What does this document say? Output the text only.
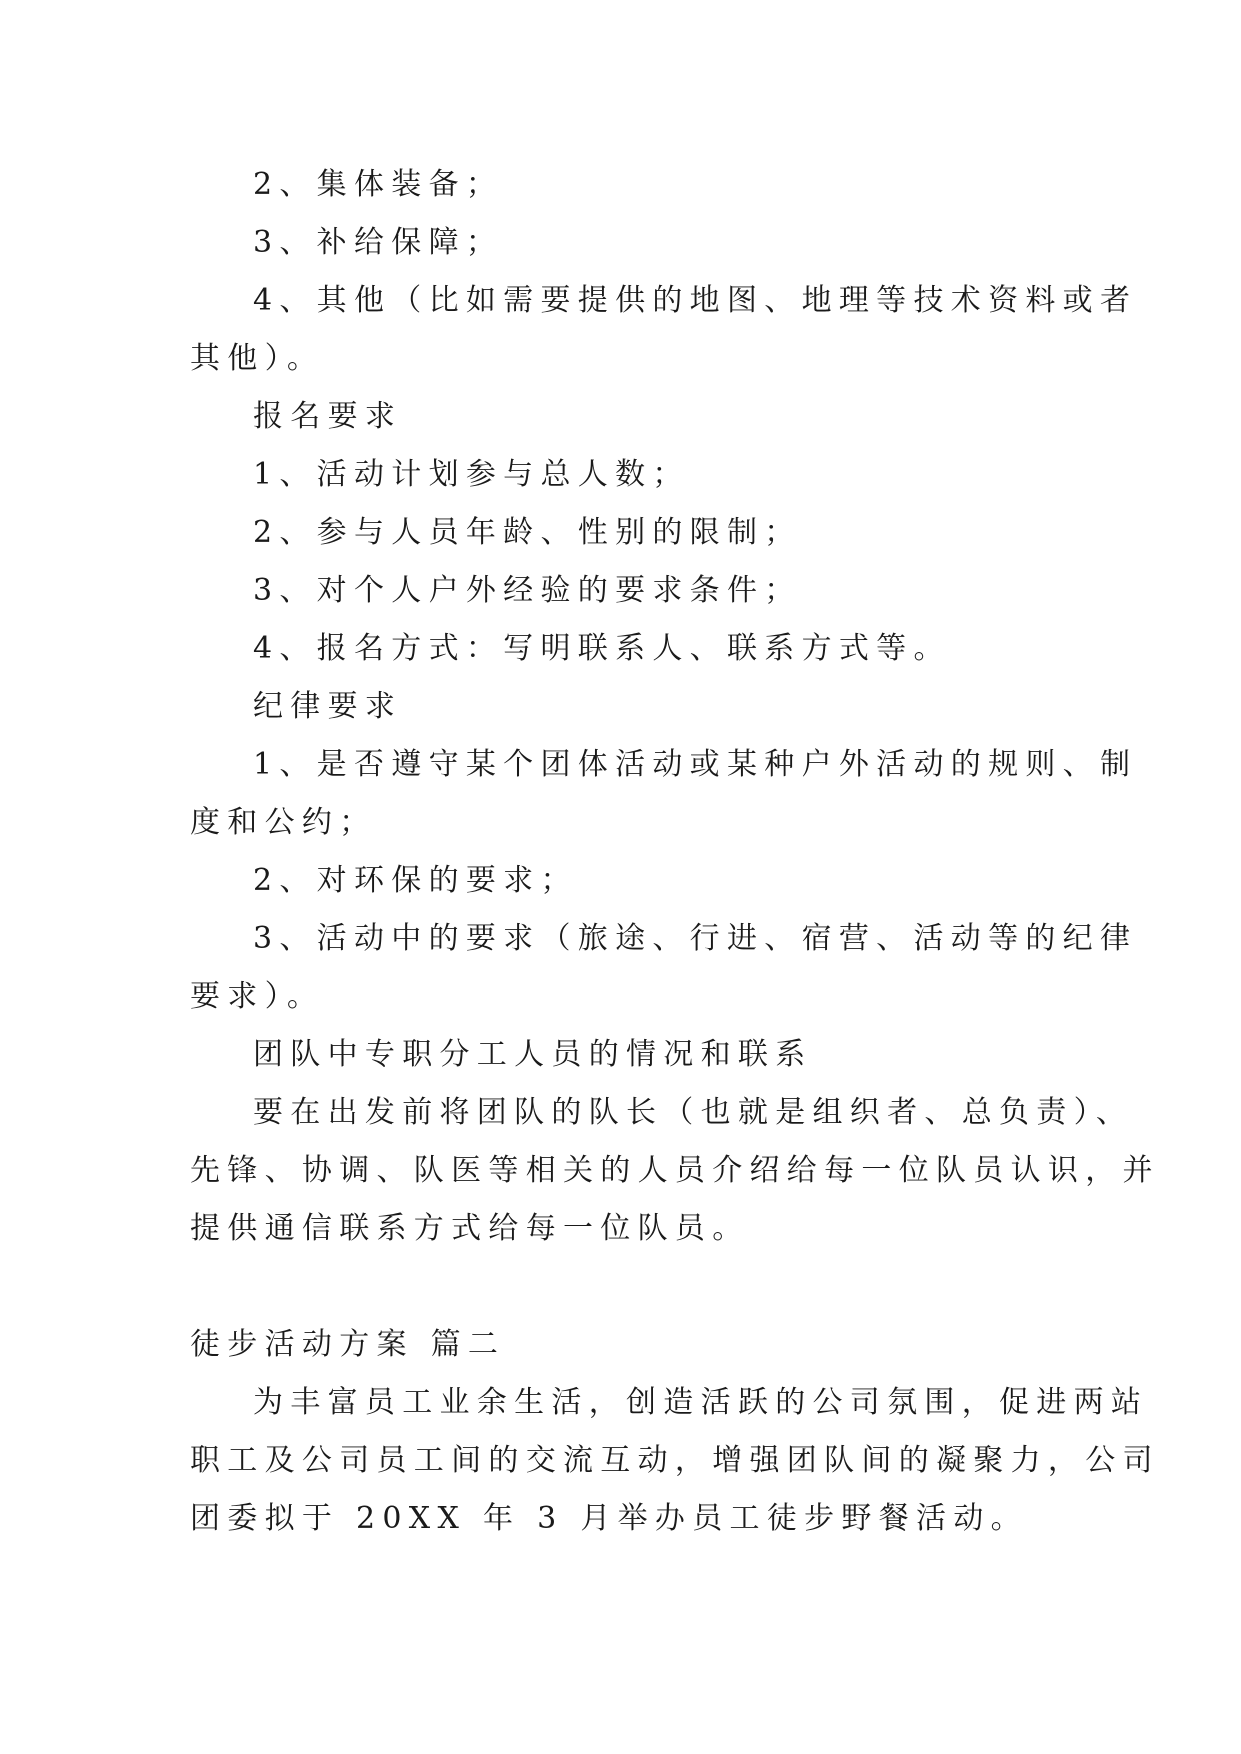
2、集体装备；
3、补给保障；
4、其他（比如需要提供的地图、地理等技术资料或者
其他）。
报名要求
1、活动计划参与总人数；
2、参与人员年龄、性别的限制；
3、对个人户外经验的要求条件；
4、报名方式：写明联系人、联系方式等。
纪律要求
1、是否遵守某个团体活动或某种户外活动的规则、制
度和公约；
2、对环保的要求；
3、活动中的要求（旅途、行进、宿营、活动等的纪律
要求）。
团队中专职分工人员的情况和联系
要在出发前将团队的队长（也就是组织者、总负责）、
先锋、协调、队医等相关的人员介绍给每一位队员认识，并
提供通信联系方式给每一位队员。
徒步活动方案 篇二
为丰富员工业余生活，创造活跃的公司氛围，促进两站
职工及公司员工间的交流互动，增强团队间的凝聚力，公司
团委拟于 20XX 年 3 月举办员工徒步野餐活动。
